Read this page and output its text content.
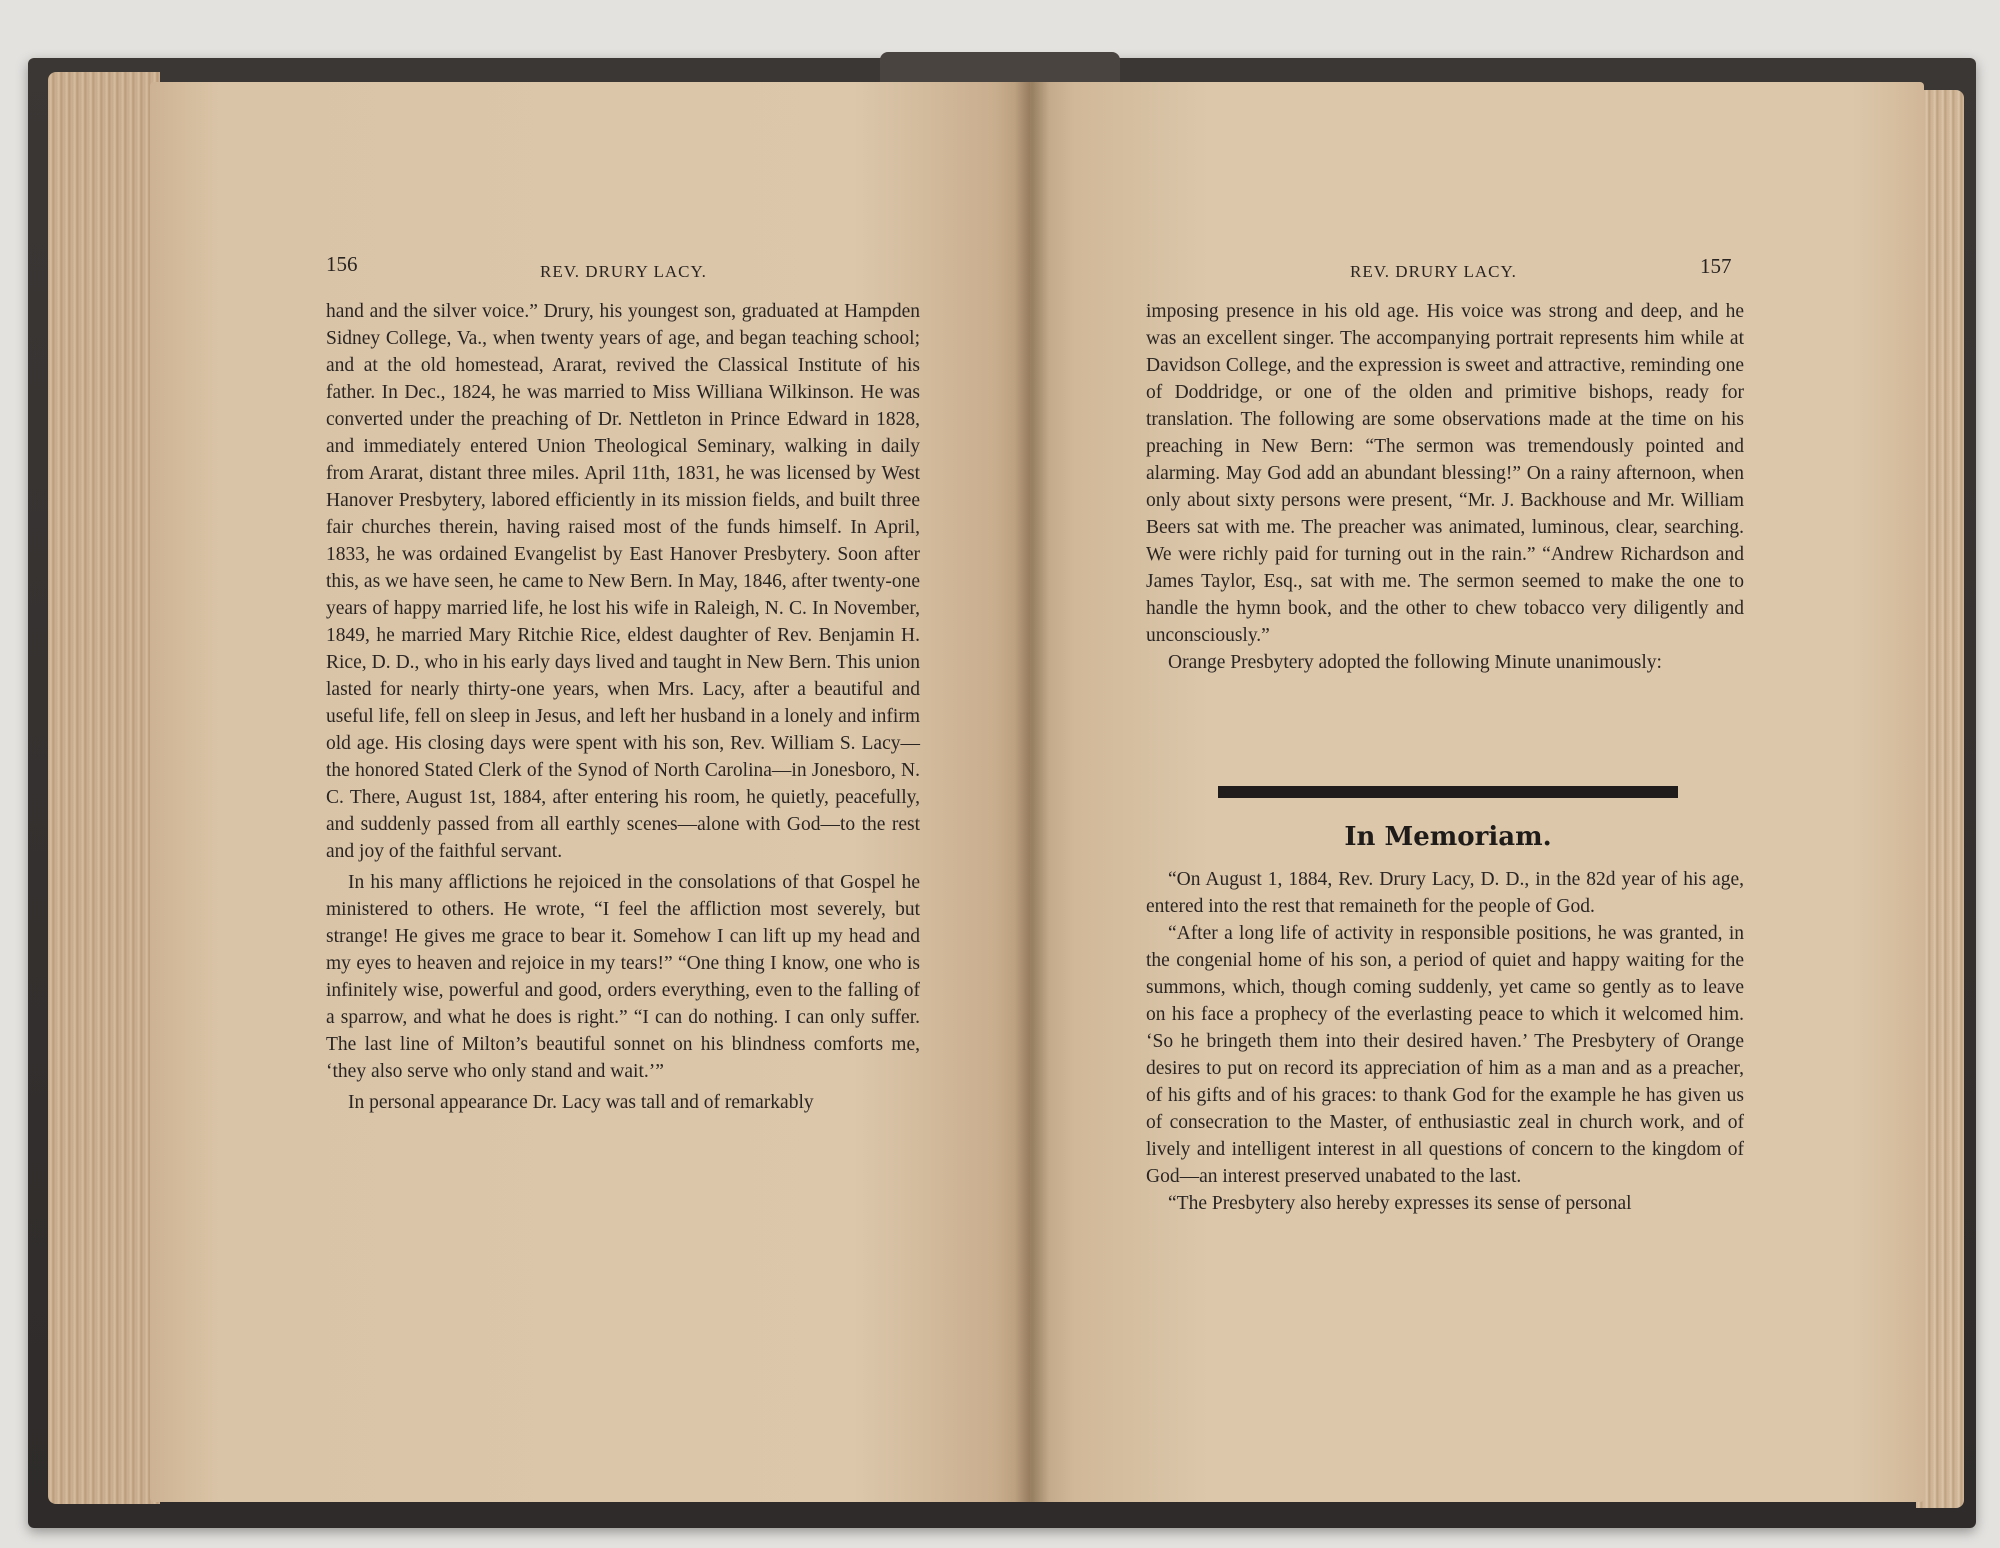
156	REV. DRURY LACY.

hand and the silver voice.” Drury, his youngest son, graduated at Hampden Sidney College, Va., when twenty years of age, and began teaching school; and at the old homestead, Ararat, revived the Classical Institute of his father. In Dec., 1824, he was married to Miss Williana Wilkinson. He was converted under the preaching of Dr. Nettleton in Prince Edward in 1828, and immediately entered Union Theological Seminary, walking in daily from Ararat, distant three miles. April 11th, 1831, he was licensed by West Hanover Presbytery, labored efficiently in its mission fields, and built three fair churches therein, having raised most of the funds himself. In April, 1833, he was ordained Evangelist by East Hanover Presbytery. Soon after this, as we have seen, he came to New Bern. In May, 1846, after twenty-one years of happy married life, he lost his wife in Raleigh, N. C. In November, 1849, he married Mary Ritchie Rice, eldest daughter of Rev. Benjamin H. Rice, D. D., who in his early days lived and taught in New Bern. This union lasted for nearly thirty-one years, when Mrs. Lacy, after a beautiful and useful life, fell on sleep in Jesus, and left her husband in a lonely and infirm old age. His closing days were spent with his son, Rev. William S. Lacy—the honored Stated Clerk of the Synod of North Carolina—in Jonesboro, N. C. There, August 1st, 1884, after entering his room, he quietly, peacefully, and suddenly passed from all earthly scenes—alone with God—to the rest and joy of the faithful servant.

In his many afflictions he rejoiced in the consolations of that Gospel he ministered to others. He wrote, “I feel the affliction most severely, but strange! He gives me grace to bear it. Somehow I can lift up my head and my eyes to heaven and rejoice in my tears!” “One thing I know, one who is infinitely wise, powerful and good, orders everything, even to the falling of a sparrow, and what he does is right.” “I can do nothing. I can only suffer. The last line of Milton’s beautiful sonnet on his blindness comforts me, ‘they also serve who only stand and wait.’”

In personal appearance Dr. Lacy was tall and of remarkably

REV. DRURY LACY.	157

imposing presence in his old age. His voice was strong and deep, and he was an excellent singer. The accompanying portrait represents him while at Davidson College, and the expression is sweet and attractive, reminding one of Doddridge, or one of the olden and primitive bishops, ready for translation. The following are some observations made at the time on his preaching in New Bern: “The sermon was tremendously pointed and alarming. May God add an abundant blessing!” On a rainy afternoon, when only about sixty persons were present, “Mr. J. Backhouse and Mr. William Beers sat with me. The preacher was animated, luminous, clear, searching. We were richly paid for turning out in the rain.” “Andrew Richardson and James Taylor, Esq., sat with me. The sermon seemed to make the one to handle the hymn book, and the other to chew tobacco very diligently and unconsciously.”

Orange Presbytery adopted the following Minute unanimously:

In Memoriam.

“On August 1, 1884, Rev. Drury Lacy, D. D., in the 82d year of his age, entered into the rest that remaineth for the people of God.

“After a long life of activity in responsible positions, he was granted, in the congenial home of his son, a period of quiet and happy waiting for the summons, which, though coming suddenly, yet came so gently as to leave on his face a prophecy of the everlasting peace to which it welcomed him. ‘So he bringeth them into their desired haven.’ The Presbytery of Orange desires to put on record its appreciation of him as a man and as a preacher, of his gifts and of his graces: to thank God for the example he has given us of consecration to the Master, of enthusiastic zeal in church work, and of lively and intelligent interest in all questions of concern to the kingdom of God—an interest preserved unabated to the last.

“The Presbytery also hereby expresses its sense of personal
